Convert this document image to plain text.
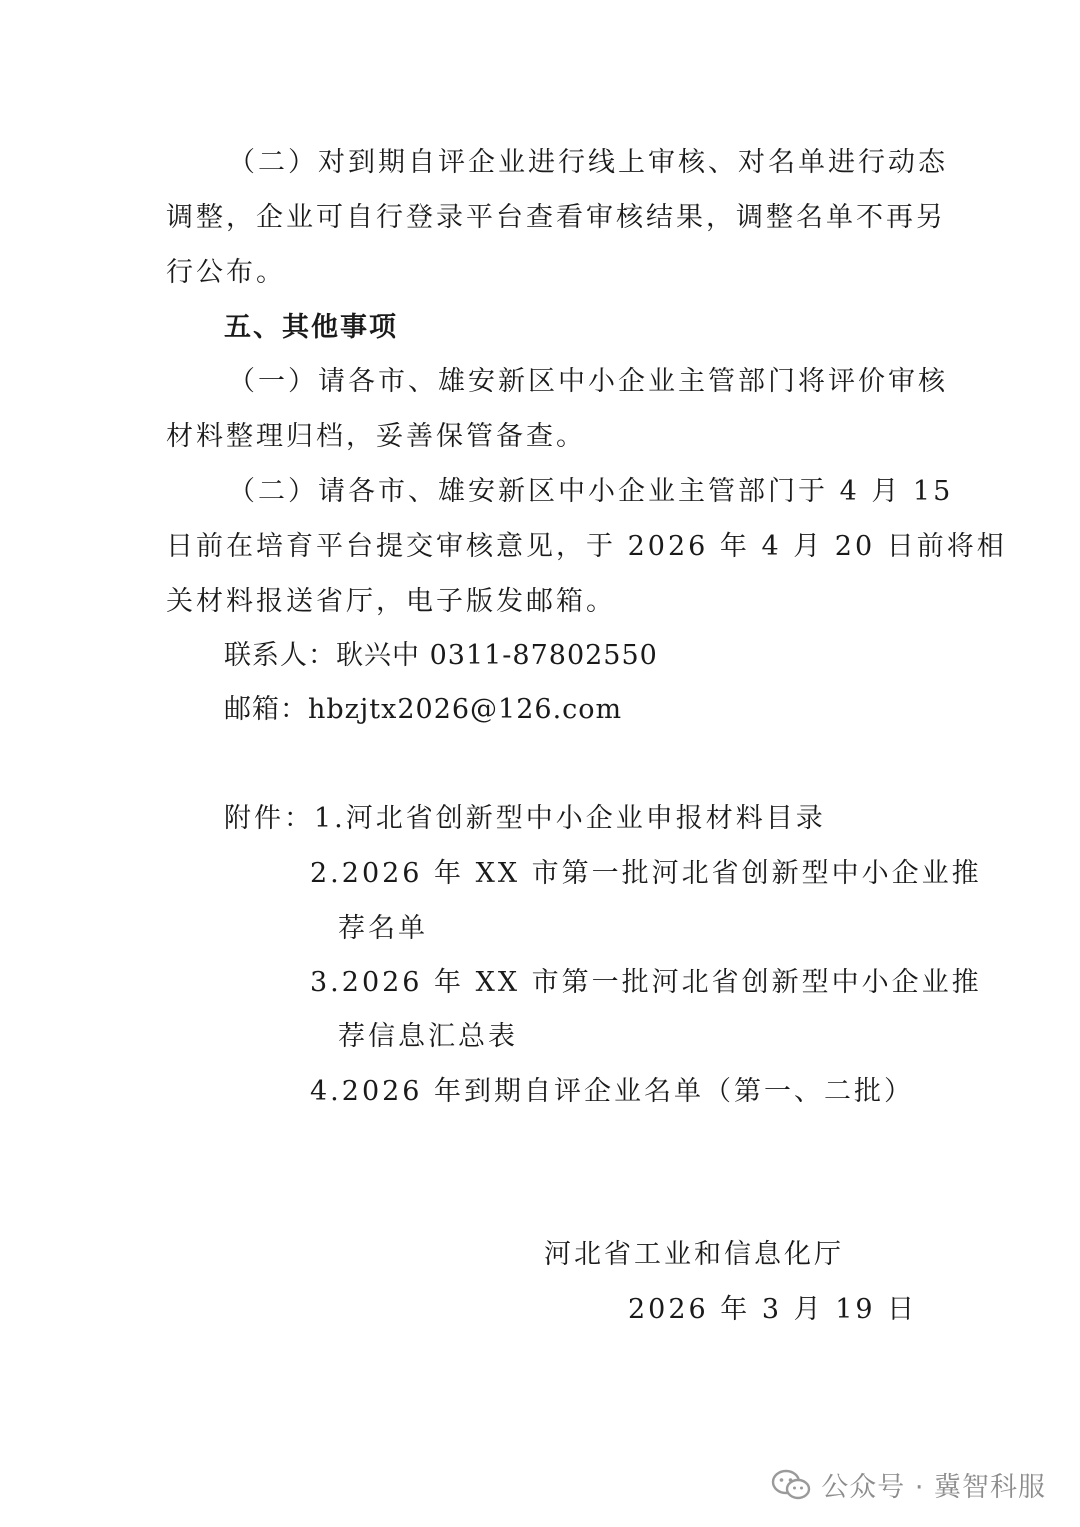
（二）对到期自评企业进行线上审核、对名单进行动态
调整，企业可自行登录平台查看审核结果，调整名单不再另
行公布。
五、其他事项
（一）请各市、雄安新区中小企业主管部门将评价审核
材料整理归档，妥善保管备查。
（二）请各市、雄安新区中小企业主管部门于 4 月 15
日前在培育平台提交审核意见，于 2026 年 4 月 20 日前将相
关材料报送省厅，电子版发邮箱。
联系人：耿兴中 0311-87802550
邮箱：hbzjtx2026@126.com
附件：1.河北省创新型中小企业申报材料目录
2.2026 年 XX 市第一批河北省创新型中小企业推
荐名单
3.2026 年 XX 市第一批河北省创新型中小企业推
荐信息汇总表
4.2026 年到期自评企业名单（第一、二批）
河北省工业和信息化厅
2026 年 3 月 19 日
公众号 · 冀智科服
